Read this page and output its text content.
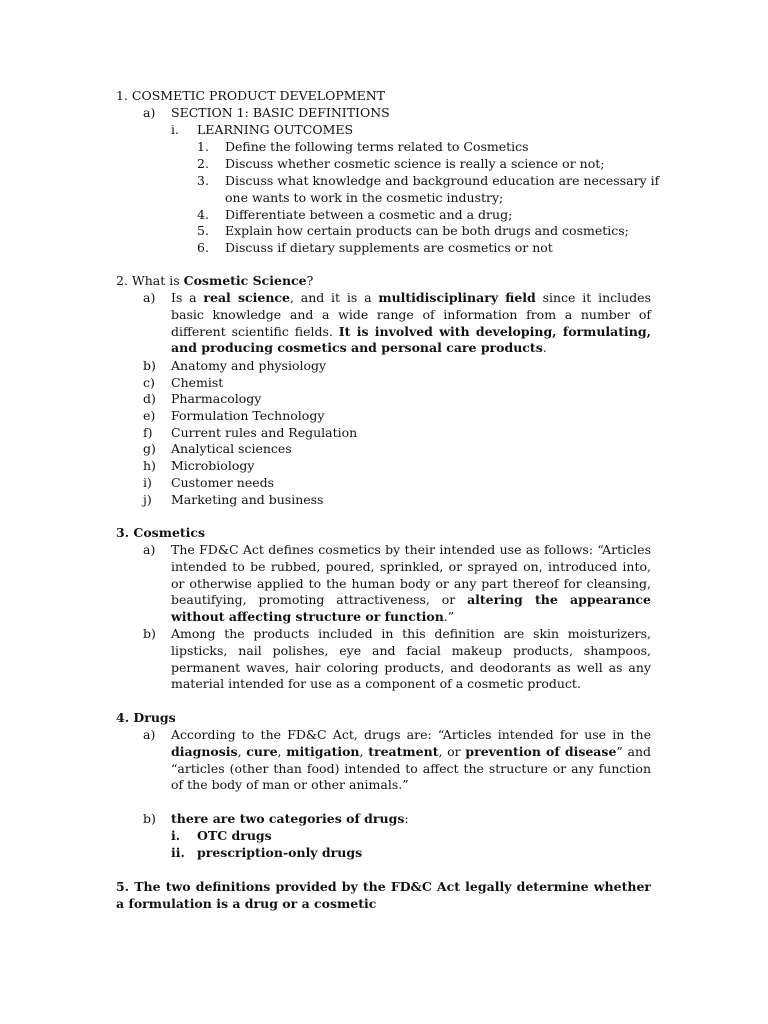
1. COSMETIC PRODUCT DEVELOPMENT
a) SECTION 1: BASIC DEFINITIONS
i. LEARNING OUTCOMES
1. Define the following terms related to Cosmetics
2. Discuss whether cosmetic science is really a science or not;
3. Discuss what knowledge and background education are necessary if
one wants to work in the cosmetic industry;
4. Differentiate between a cosmetic and a drug;
5. Explain how certain products can be both drugs and cosmetics;
6. Discuss if dietary supplements are cosmetics or not
2. What is Cosmetic Science?
a) Is a real science, and it is a multidisciplinary field since it includes basic knowledge and a wide range of information from a number of different scientific fields. It is involved with developing, formulating, and producing cosmetics and personal care products.

b) Anatomy and physiology
c) Chemist
d) Pharmacology
e) Formulation Technology
f) Current rules and Regulation
g) Analytical sciences
h) Microbiology
i) Customer needs
j) Marketing and business
3. Cosmetics
a) The FD&C Act defines cosmetics by their intended use as follows: “Articles intended to be rubbed, poured, sprinkled, or sprayed on, introduced into, or otherwise applied to the human body or any part thereof for cleansing, beautifying, promoting attractiveness, or altering the appearance without affecting structure or function.”

b) Among the products included in this definition are skin moisturizers, lipsticks, nail polishes, eye and facial makeup products, shampoos, permanent waves, hair coloring products, and deodorants as well as any material intended for use as a component of a cosmetic product.

4. Drugs
a) According to the FD&C Act, drugs are: “Articles intended for use in the diagnosis, cure, mitigation, treatment, or prevention of disease” and “articles (other than food) intended to affect the structure or any function of the body of man or other animals.”

b) there are two categories of drugs:
i. OTC drugs
ii. prescription-only drugs

5. The two definitions provided by the FD&C Act legally determine whether a formulation is a drug or a cosmetic
